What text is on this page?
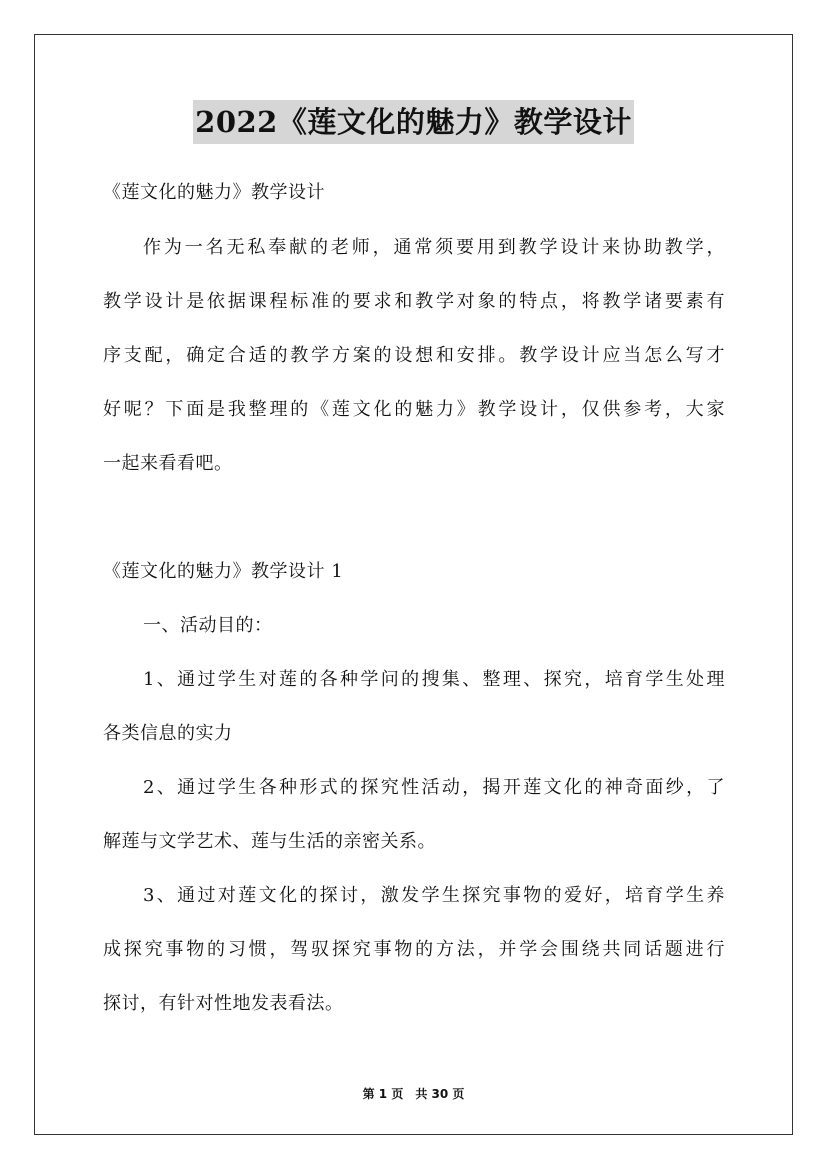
2022《莲文化的魅力》教学设计
《莲文化的魅力》教学设计
作为一名无私奉献的老师，通常须要用到教学设计来协助教学，
教学设计是依据课程标准的要求和教学对象的特点，将教学诸要素有
序支配，确定合适的教学方案的设想和安排。教学设计应当怎么写才
好呢？下面是我整理的《莲文化的魅力》教学设计，仅供参考，大家
一起来看看吧。
《莲文化的魅力》教学设计 1
一、活动目的：
1、通过学生对莲的各种学问的搜集、整理、探究，培育学生处理
各类信息的实力
2、通过学生各种形式的探究性活动，揭开莲文化的神奇面纱，了
解莲与文学艺术、莲与生活的亲密关系。
3、通过对莲文化的探讨，激发学生探究事物的爱好，培育学生养
成探究事物的习惯，驾驭探究事物的方法，并学会围绕共同话题进行
探讨，有针对性地发表看法。
第 1 页　共 30 页
